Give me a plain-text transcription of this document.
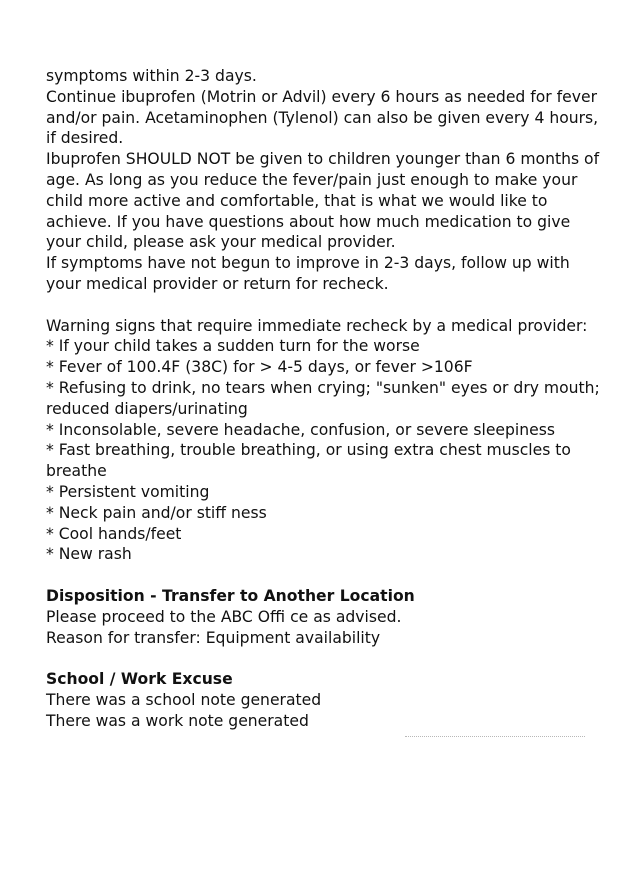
symptoms within 2-3 days.

Continue ibuprofen (Motrin or Advil) every 6 hours as needed for fever and/or pain. Acetaminophen (Tylenol) can also be given every 4 hours, if desired.

Ibuprofen SHOULD NOT be given to children younger than 6 months of age. As long as you reduce the fever/pain just enough to make your child more active and comfortable, that is what we would like to achieve. If you have questions about how much medication to give your child, please ask your medical provider.

If symptoms have not begun to improve in 2-3 days, follow up with your medical provider or return for recheck.

Warning signs that require immediate recheck by a medical provider:

* If your child takes a sudden turn for the worse

* Fever of 100.4F (38C) for > 4-5 days, or fever >106F

* Refusing to drink, no tears when crying; "sunken" eyes or dry mouth; reduced diapers/urinating

* Inconsolable, severe headache, confusion, or severe sleepiness

* Fast breathing, trouble breathing, or using extra chest muscles to breathe

* Persistent vomiting

* Neck pain and/or stiff ness

* Cool hands/feet

* New rash

Disposition - Transfer to Another Location

Please proceed to the ABC Offi ce as advised.

Reason for transfer: Equipment availability

School / Work Excuse

There was a school note generated

There was a work note generated
